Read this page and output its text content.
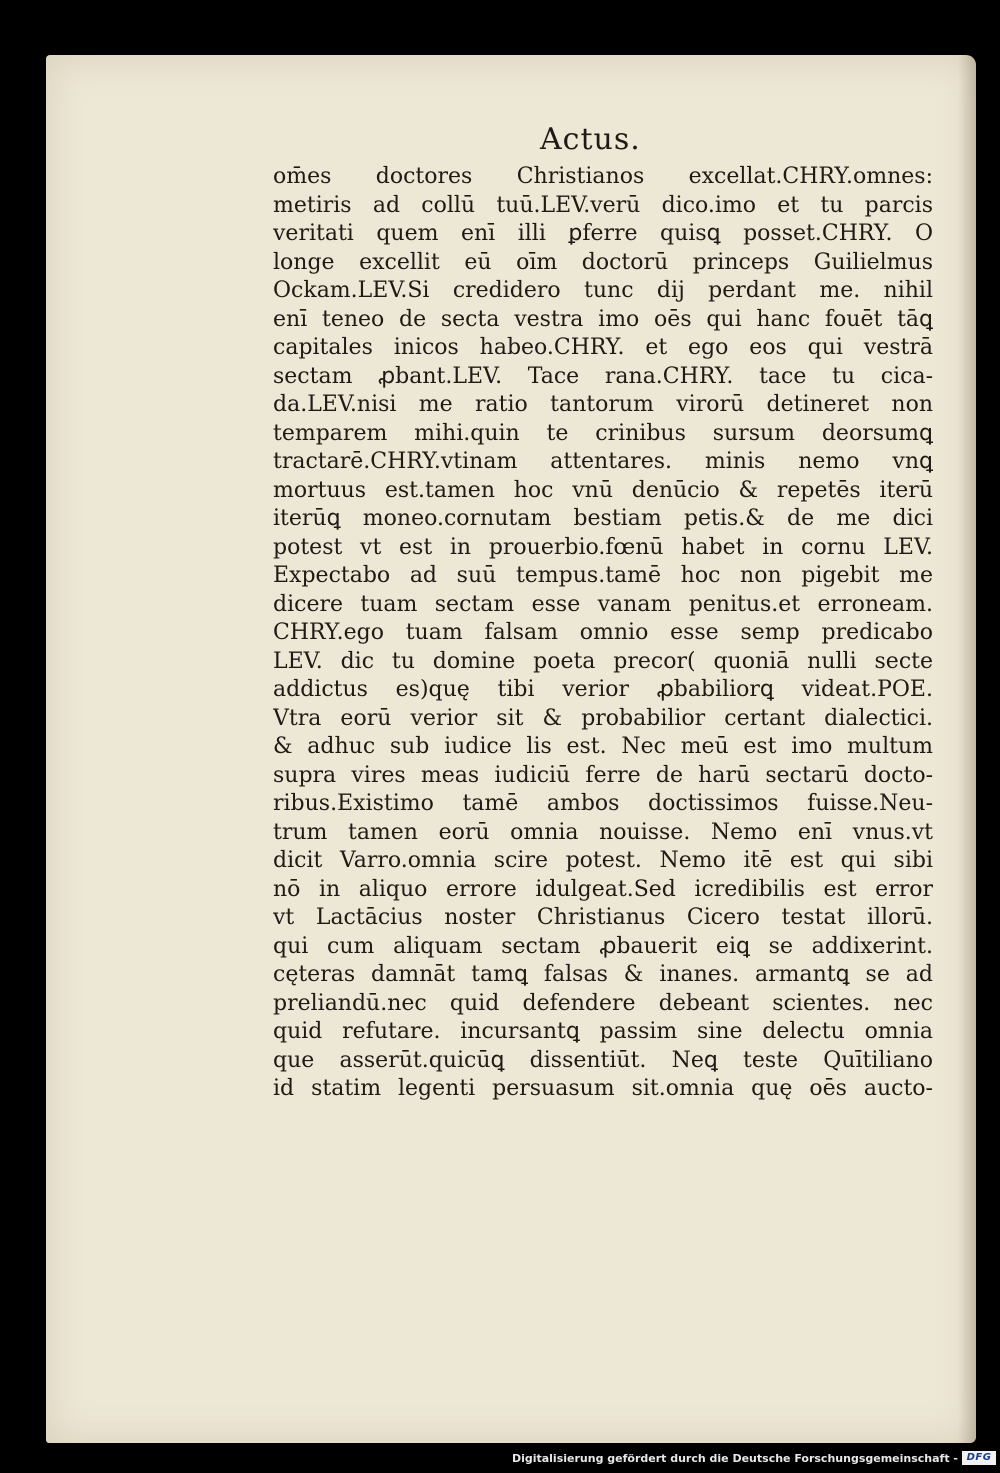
Actus.
om̄es doctores Christianos excellat.CHRY.omnes:
metiris ad collū tuū.LEV.verū dico.imo et tu parcis
veritati quem enī illi ꝑferre quisꝗ posset.CHRY. O
longe excellit eū oīm doctorū princeps Guilielmus
Ockam.LEV.Si credidero tunc dij perdant me. nihil
enī teneo de secta vestra imo oēs qui hanc fouēt tāꝗ
capitales inicos habeo.CHRY. et ego eos qui vestrā
sectam ꝓbant.LEV. Tace rana.CHRY. tace tu cica-
da.LEV.nisi me ratio tantorum virorū detineret non
temparem mihi.quin te crinibus sursum deorsumꝗ
tractarē.CHRY.vtinam attentares. minis nemo vnꝗ
mortuus est.tamen hoc vnū denūcio & repetēs iterū
iterūꝗ moneo.cornutam bestiam petis.& de me dici
potest vt est in prouerbio.fœnū habet in cornu LEV.
Expectabo ad suū tempus.tamē hoc non pigebit me
dicere tuam sectam esse vanam penitus.et erroneam.
CHRY.ego tuam falsam omnio esse semp predicabo
LEV. dic tu domine poeta precor( quoniā nulli secte
addictus es)quę tibi verior ꝓbabiliorꝗ videat̄.POE.
Vtra eorū verior sit & probabilior certant dialectici.
& adhuc sub iudice lis est. Nec meū est imo multum
supra vires meas iudiciū ferre de harū sectarū docto-
ribus.Existimo tamē ambos doctissimos fuisse.Neu-
trum tamen eorū omnia nouisse. Nemo enī vnus.vt
dicit Varro.omnia scire potest. Nemo itē est qui sibi
nō in aliquo errore idulgeat.Sed icredibilis est error
vt Lactācius noster Christianus Cicero testat̄ illorū.
qui cum aliquam sectam ꝓbauerit eiꝗ se addixerint.
cęteras damnāt tamꝗ falsas & inanes. armantꝗ se ad
preliandū.nec quid defendere debeant scientes. nec
quid refutare. incursantꝗ passim sine delectu omnia
que asserūt.quicūꝗ dissentiūt. Neꝗ teste Quītiliano
id statim legenti persuasum sit.omnia quę oēs aucto-
Digitalisierung gefördert durch die Deutsche Forschungsgemeinschaft - DFG
